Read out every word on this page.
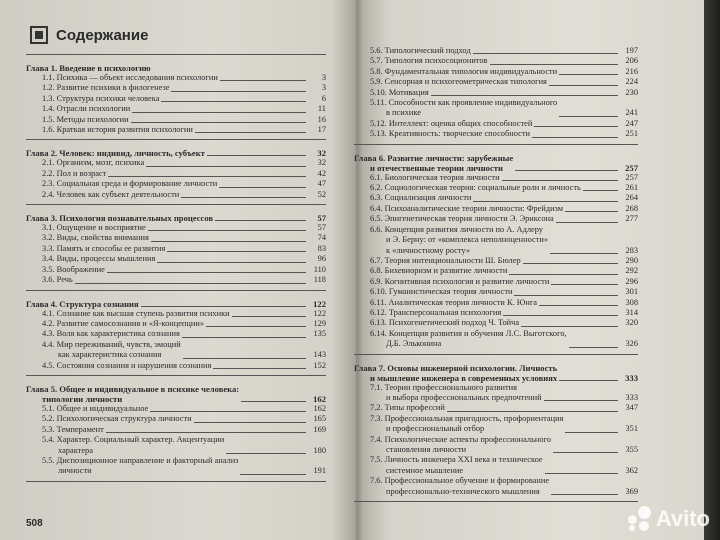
Содержание
Глава 1. Введение в психологию
1.1. Психика — объект исследования психологии	3
1.2. Развитие психики в филогенезе	3
1.3. Структура психики человека	6
1.4. Отрасли психологии	11
1.5. Методы психологии	16
1.6. Краткая история развития психологии	17
Глава 2. Человек: индивид, личность, субъект	32
2.1. Организм, мозг, психика	32
2.2. Пол и возраст	42
2.3. Социальная среда и формирование личности	47
2.4. Человек как субъект деятельности	52
Глава 3. Психология познавательных процессов	57
3.1. Ощущение и восприятие	57
3.2. Виды, свойства внимания	74
3.3. Память и способы ее развития	83
3.4. Виды, процессы мышления	96
3.5. Воображение	110
3.6. Речь	118
Глава 4. Структура сознания	122
4.1. Сознание как высшая ступень развития психики	122
4.2. Развитие самосознания и «Я-концепции»	129
4.3. Воля как характеристика сознания	135
4.4. Мир переживаний, чувств, эмоций
как характеристика сознания	143
4.5. Состояния сознания и нарушения сознания	152
Глава 5. Общее и индивидуальное в психике человека:
типологии личности	162
5.1. Общее и индивидуальное	162
5.2. Психологическая структура личности	165
5.3. Темперамент	169
5.4. Характер. Социальный характер. Акцентуации
характера	180
5.5. Диспозиционное направление и факторный анализ
личности	191
508
5.6. Типологический подход	197
5.7. Типология психосоционитов	206
5.8. Фундаментальная типология индивидуальности	216
5.9. Сенсорная и психогеометрическая типология	224
5.10. Мотивация	230
5.11. Способности как проявление индивидуального
в психике	241
5.12. Интеллект: оценка общих способностей	247
5.13. Креативность: творческие способности	251
Глава 6. Развитие личности: зарубежные
и отечественные теории личности	257
6.1. Биологическая теория личности	257
6.2. Социологическая теория: социальные роли и личность	261
6.3. Социализация личности	264
6.4. Психоаналитические теории личности: Фрейдизм	268
6.5. Эпигенетическая теория личности Э. Эриксона	277
6.6. Концепция развития личности по А. Адлеру
и Э. Берну: от «комплекса неполноценности»
к «личностному росту»	283
6.7. Теория интенциональности Ш. Бюлер	290
6.8. Бихевиоризм и развитие личности	292
6.9. Когнитивная психология и развитие личности	296
6.10. Гуманистическая теория личности	301
6.11. Аналитическая теория личности К. Юнга	308
6.12. Трансперсональная психология	314
6.13. Психогенетический подход Ч. Тойча	320
6.14. Концепция развития и обучения Л.С. Выготского,
Д.Б. Эльконина	326
Глава 7. Основы инженерной психологии. Личность
и мышление инженера в современных условиях	333
7.1. Теории профессионального развития
и выбора профессиональных предпочтений	333
7.2. Типы профессий	347
7.3. Профессиональная пригодность, профориентация
и профессиональный отбор	351
7.4. Психологические аспекты профессионального
становления личности	355
7.5. Личность инженера XXI века и техническое
системное мышление	362
7.6. Профессиональное обучение и формирование
профессионально-технического мышления	369
Avito
